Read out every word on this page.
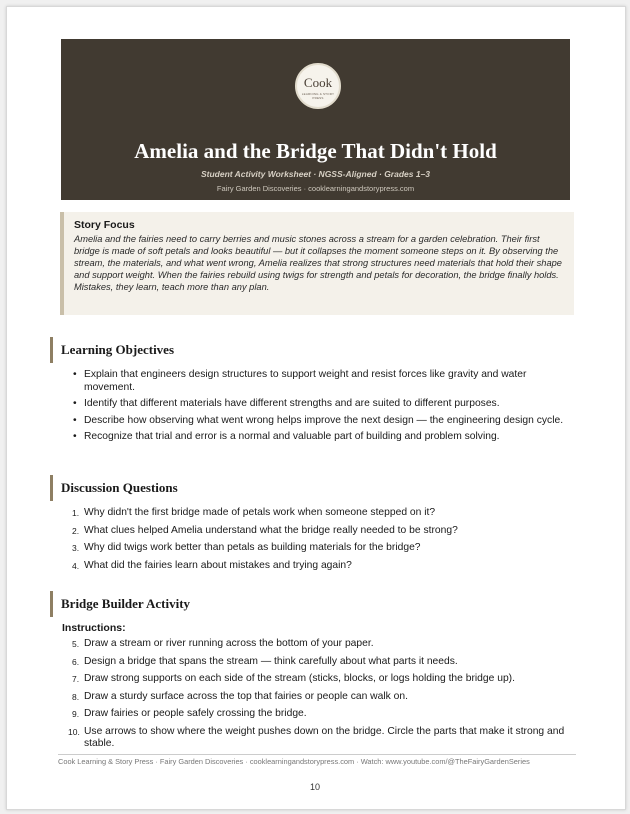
Cook
LEARNING & STORY PRESS
Amelia and the Bridge That Didn't Hold
Student Activity Worksheet · NGSS-Aligned · Grades 1–3
Fairy Garden Discoveries · cooklearningandstorypress.com
Story Focus
Amelia and the fairies need to carry berries and music stones across a stream for a garden celebration. Their first bridge is made of soft petals and looks beautiful — but it collapses the moment someone steps on it. By observing the stream, the materials, and what went wrong, Amelia realizes that strong structures need materials that hold their shape and support weight. When the fairies rebuild using twigs for strength and petals for decoration, the bridge finally holds. Mistakes, they learn, teach more than any plan.
Learning Objectives
• Explain that engineers design structures to support weight and resist forces like gravity and water movement.
• Identify that different materials have different strengths and are suited to different purposes.
• Describe how observing what went wrong helps improve the next design — the engineering design cycle.
• Recognize that trial and error is a normal and valuable part of building and problem solving.
Discussion Questions
1. Why didn't the first bridge made of petals work when someone stepped on it?
2. What clues helped Amelia understand what the bridge really needed to be strong?
3. Why did twigs work better than petals as building materials for the bridge?
4. What did the fairies learn about mistakes and trying again?
Bridge Builder Activity
Instructions:
5. Draw a stream or river running across the bottom of your paper.
6. Design a bridge that spans the stream — think carefully about what parts it needs.
7. Draw strong supports on each side of the stream (sticks, blocks, or logs holding the bridge up).
8. Draw a sturdy surface across the top that fairies or people can walk on.
9. Draw fairies or people safely crossing the bridge.
10. Use arrows to show where the weight pushes down on the bridge. Circle the parts that make it strong and stable.
Cook Learning & Story Press · Fairy Garden Discoveries · cooklearningandstorypress.com · Watch: www.youtube.com/@TheFairyGardenSeries
10
